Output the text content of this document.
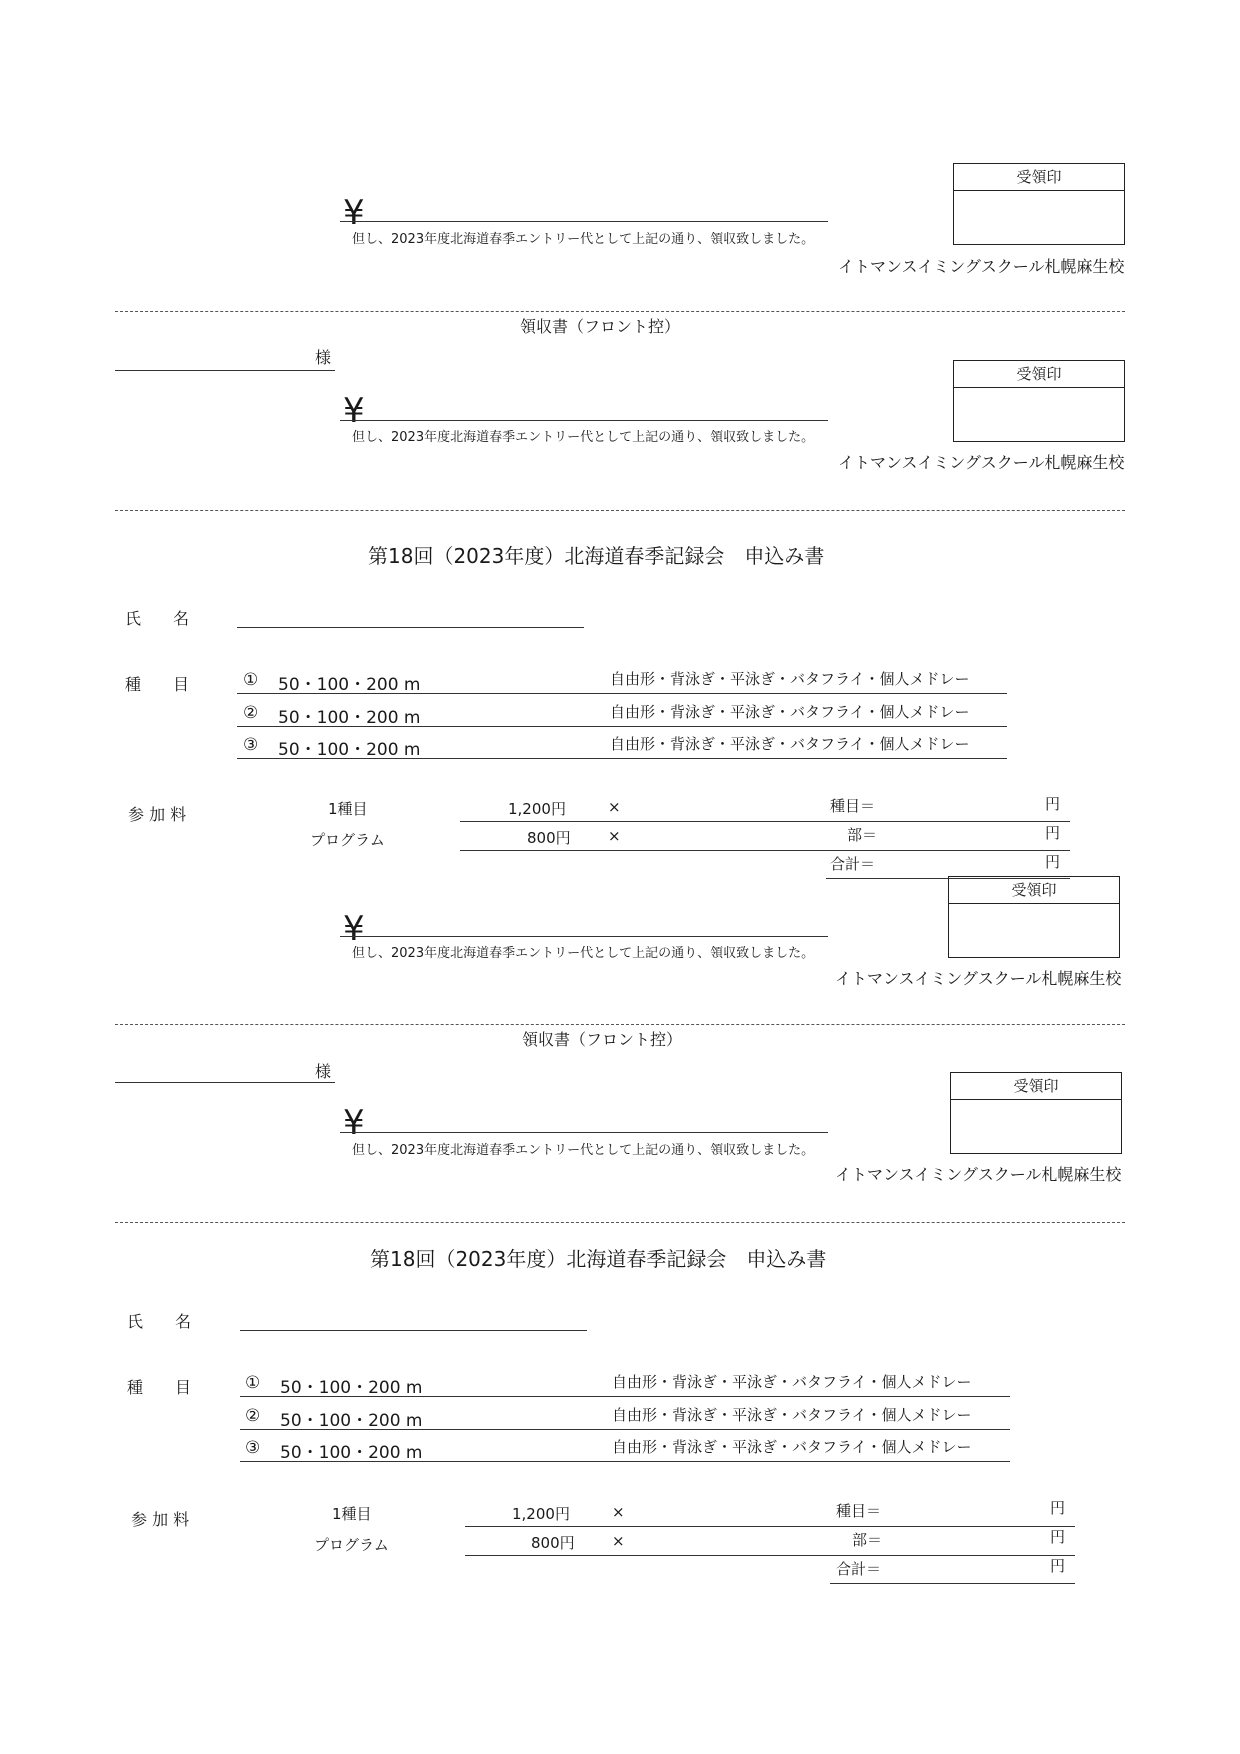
¥
但し、2023年度北海道春季エントリー代として上記の通り、領収致しました。
受領印
イトマンスイミングスクール札幌麻生校
領収書（フロント控）
様
¥
但し、2023年度北海道春季エントリー代として上記の通り、領収致しました。
受領印
イトマンスイミングスクール札幌麻生校
第18回（2023年度）北海道春季記録会　申込み書
氏　　名
種　　目	① 50・100・200 m	自由形・背泳ぎ・平泳ぎ・バタフライ・個人メドレー
② 50・100・200 m	自由形・背泳ぎ・平泳ぎ・バタフライ・個人メドレー
③ 50・100・200 m	自由形・背泳ぎ・平泳ぎ・バタフライ・個人メドレー
参 加 料	1種目	1,200円	×	種目＝	円
プログラム	800円 ×	部＝	円
合計＝	円
受領印
¥
但し、2023年度北海道春季エントリー代として上記の通り、領収致しました。
イトマンスイミングスクール札幌麻生校
領収書（フロント控）
様
¥
但し、2023年度北海道春季エントリー代として上記の通り、領収致しました。
受領印
イトマンスイミングスクール札幌麻生校
第18回（2023年度）北海道春季記録会　申込み書
氏　　名
種　　目	① 50・100・200 m	自由形・背泳ぎ・平泳ぎ・バタフライ・個人メドレー
② 50・100・200 m	自由形・背泳ぎ・平泳ぎ・バタフライ・個人メドレー
③ 50・100・200 m	自由形・背泳ぎ・平泳ぎ・バタフライ・個人メドレー
参 加 料	1種目	1,200円	×	種目＝	円
プログラム	800円 ×	部＝	円
合計＝	円
